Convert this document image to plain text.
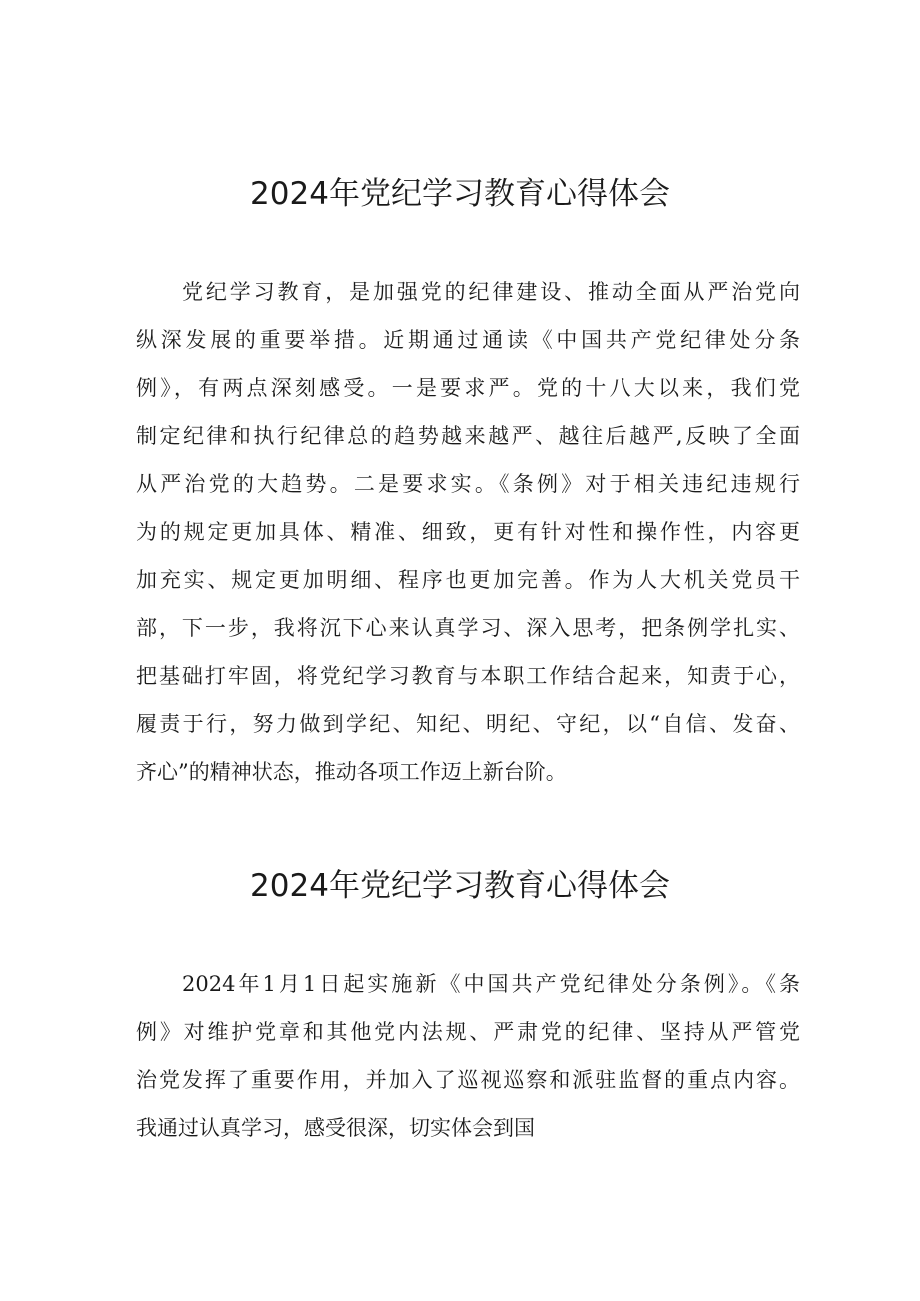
2024年党纪学习教育心得体会
党纪学习教育，是加强党的纪律建设、推动全面从严治党向
纵深发展的重要举措。近期通过通读《中国共产党纪律处分条
例》，有两点深刻感受。一是要求严。党的十八大以来，我们党
制定纪律和执行纪律总的趋势越来越严、越往后越严,反映了全面
从严治党的大趋势。二是要求实。《条例》对于相关违纪违规行
为的规定更加具体、精准、细致，更有针对性和操作性，内容更
加充实、规定更加明细、程序也更加完善。作为人大机关党员干
部，下一步，我将沉下心来认真学习、深入思考，把条例学扎实、
把基础打牢固，将党纪学习教育与本职工作结合起来，知责于心，
履责于行，努力做到学纪、知纪、明纪、守纪，以“自信、发奋、
齐心”的精神状态，推动各项工作迈上新台阶。
2024年党纪学习教育心得体会
2024年1月1日起实施新《中国共产党纪律处分条例》。《条
例》对维护党章和其他党内法规、严肃党的纪律、坚持从严管党
治党发挥了重要作用，并加入了巡视巡察和派驻监督的重点内容。
我通过认真学习，感受很深，切实体会到国
